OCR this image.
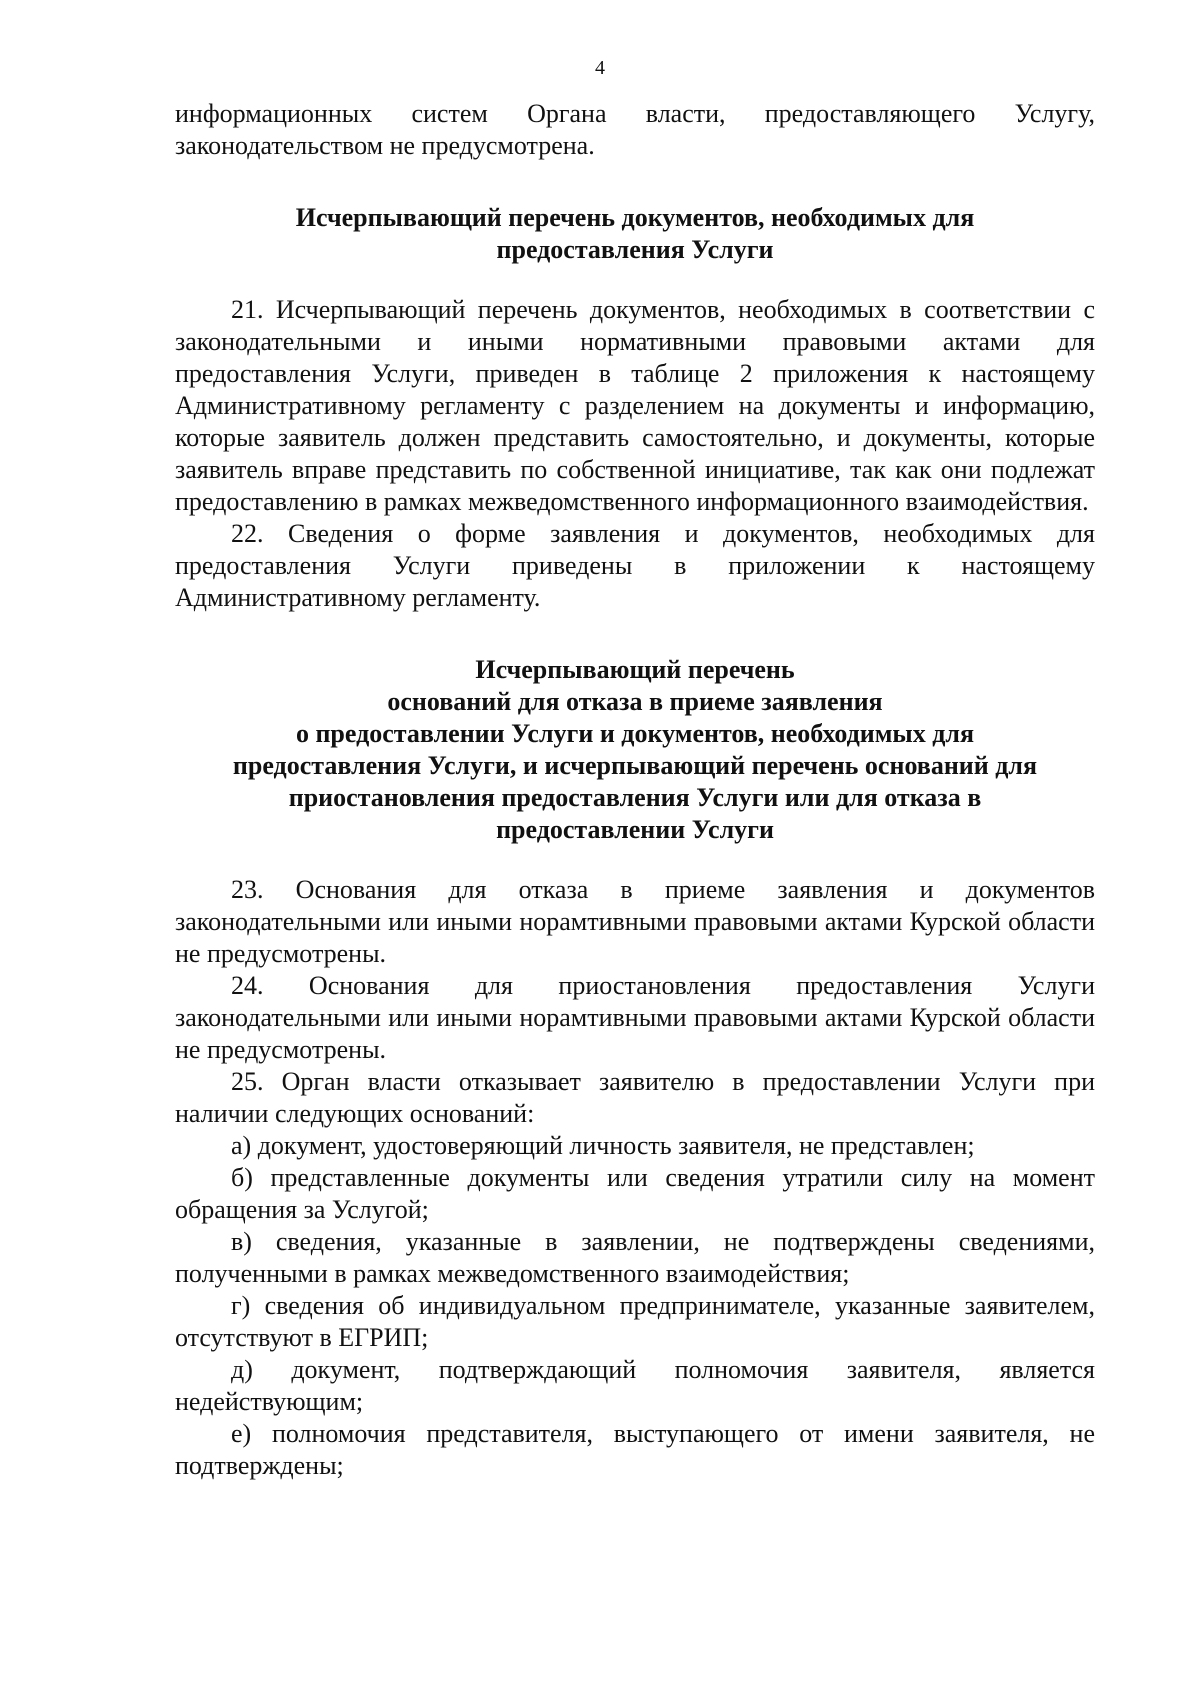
4

информационных систем Органа власти, предоставляющего Услугу, законодательством не предусмотрена.

Исчерпывающий перечень документов, необходимых для
предоставления Услуги

21. Исчерпывающий перечень документов, необходимых в соответствии с законодательными и иными нормативными правовыми актами для предоставления Услуги, приведен в таблице 2 приложения к настоящему Административному регламенту с разделением на документы и информацию, которые заявитель должен представить самостоятельно, и документы, которые заявитель вправе представить по собственной инициативе, так как они подлежат предоставлению в рамках межведомственного информационного взаимодействия.

22. Сведения о форме заявления и документов, необходимых для предоставления Услуги приведены в приложении к настоящему Административному регламенту.

Исчерпывающий перечень
оснований для отказа в приеме заявления
о предоставлении Услуги и документов, необходимых для
предоставления Услуги, и исчерпывающий перечень оснований для
приостановления предоставления Услуги или для отказа в
предоставлении Услуги

23. Основания для отказа в приеме заявления и документов законодательными или иными норамтивными правовыми актами Курской области не предусмотрены.

24. Основания для приостановления предоставления Услуги законодательными или иными норамтивными правовыми актами Курской области не предусмотрены.

25. Орган власти отказывает заявителю в предоставлении Услуги при наличии следующих оснований:

а) документ, удостоверяющий личность заявителя, не представлен;

б) представленные документы или сведения утратили силу на момент обращения за Услугой;

в) сведения, указанные в заявлении, не подтверждены сведениями, полученными в рамках межведомственного взаимодействия;

г) сведения об индивидуальном предпринимателе, указанные заявителем, отсутствуют в ЕГРИП;

д) документ, подтверждающий полномочия заявителя, является недействующим;

е) полномочия представителя, выступающего от имени заявителя, не подтверждены;
